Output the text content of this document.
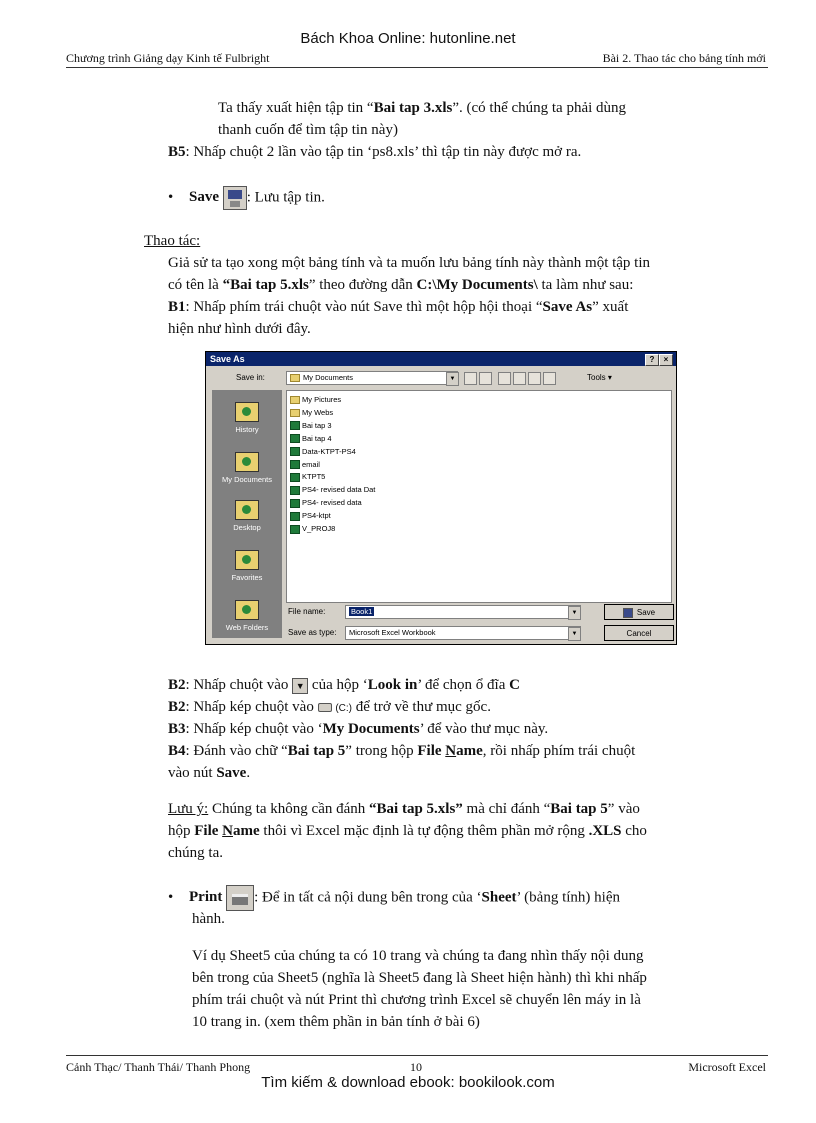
Bách Khoa Online: hutonline.net
Chương trình Giảng dạy Kinh tế Fulbright	Bài 2. Thao tác cho bảng tính mới
Ta thấy xuất hiện tập tin “Bai tap 3.xls”. (có thể chúng ta phải dùng
thanh cuốn để tìm tập tin này)
B5: Nhấp chuột 2 lần vào tập tin ‘ps8.xls’ thì tập tin này được mở ra.
• Save : Lưu tập tin.
Thao tác:
Giả sử ta tạo xong một bảng tính và ta muốn lưu bảng tính này thành một tập tin
có tên là “Bai tap 5.xls” theo đường dẫn C:\My Documents\ ta làm như sau:
B1: Nhấp phím trái chuột vào nút Save thì một hộp hội thoại “Save As” xuất
hiện như hình dưới đây.
Save As	?	×
Save in:	My Documents	▼	Tools ▾
History
My Documents
Desktop
Favorites
Web Folders
My Pictures
My Webs
Bai tap 3
Bai tap 4
Data-KTPT-PS4
email
KTPT5
PS4- revised data Dat
PS4- revised data
PS4-ktpt
V_PROJ8
File name:	Book1	▼
Save as type:	Microsoft Excel Workbook	▼
Save
Cancel
B2: Nhấp chuột vào ▼ của hộp ‘Look in’ để chọn ổ đĩa C
B2: Nhấp kép chuột vào  (C:) để trở về thư mục gốc.
B3: Nhấp kép chuột vào ‘My Documents’ để vào thư mục này.
B4: Đánh vào chữ “Bai tap 5” trong hộp File Name, rồi nhấp phím trái chuột
vào nút Save.
Lưu ý: Chúng ta không cần đánh “Bai tap 5.xls” mà chỉ đánh “Bai tap 5” vào
hộp File Name thôi vì Excel mặc định là tự động thêm phần mở rộng .XLS cho
chúng ta.
• Print : Để in tất cả nội dung bên trong của ‘Sheet’ (bảng tính) hiện
hành.
Ví dụ Sheet5 của chúng ta có 10 trang và chúng ta đang nhìn thấy nội dung
bên trong của Sheet5 (nghĩa là Sheet5 đang là Sheet hiện hành) thì khi nhấp
phím trái chuột và nút Print thì chương trình Excel sẽ chuyển lên máy in là
10 trang in. (xem thêm phần in bản tính ở bài 6)
Cảnh Thạc/ Thanh Thái/ Thanh Phong	10	Microsoft Excel
Tìm kiếm & download ebook: bookilook.com
